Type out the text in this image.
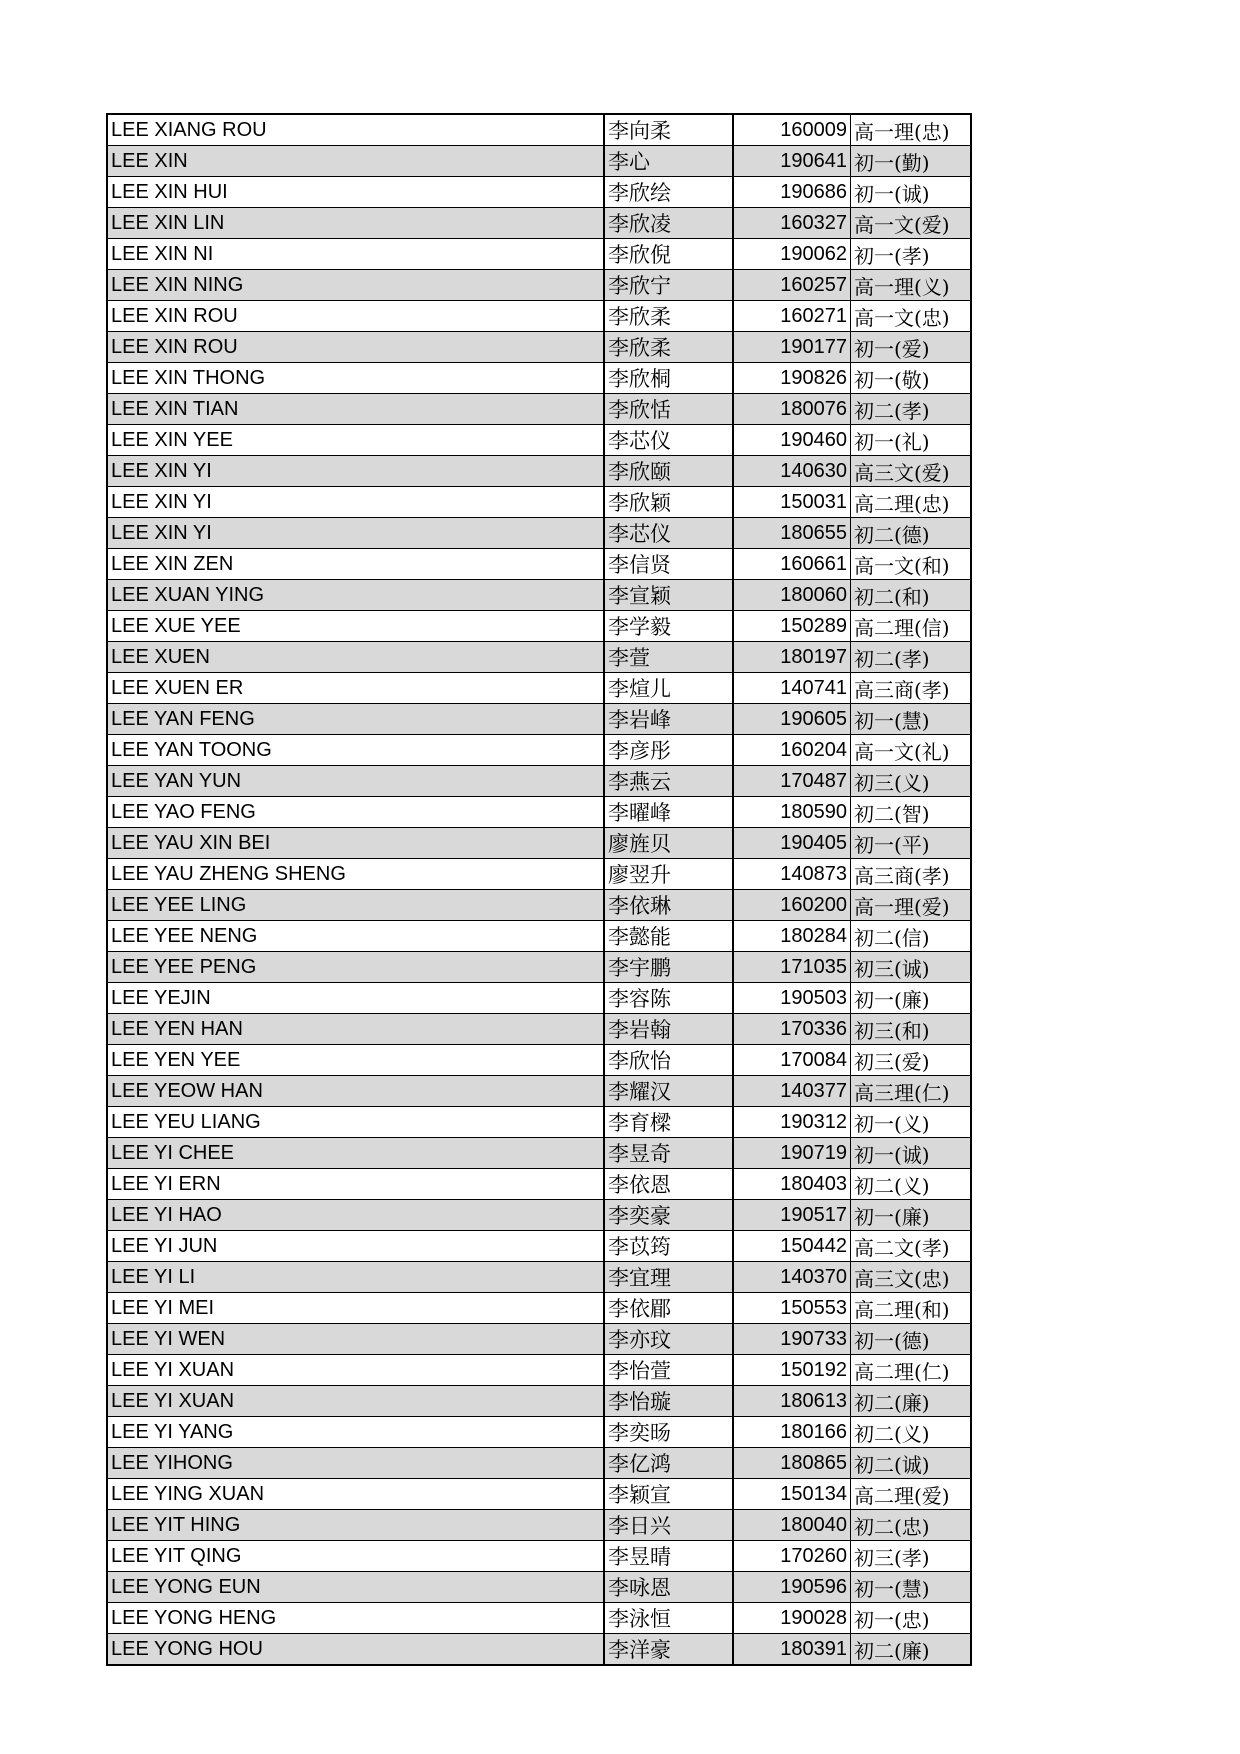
LEE XIANG ROU	李向柔	160009	高一理(忠)
LEE XIN	李心	190641	初一(勤)
LEE XIN HUI	李欣绘	190686	初一(诚)
LEE XIN LIN	李欣凌	160327	高一文(爱)
LEE XIN NI	李欣倪	190062	初一(孝)
LEE XIN NING	李欣宁	160257	高一理(义)
LEE XIN ROU	李欣柔	160271	高一文(忠)
LEE XIN ROU	李欣柔	190177	初一(爱)
LEE XIN THONG	李欣桐	190826	初一(敬)
LEE XIN TIAN	李欣恬	180076	初二(孝)
LEE XIN YEE	李芯仪	190460	初一(礼)
LEE XIN YI	李欣颐	140630	高三文(爱)
LEE XIN YI	李欣颖	150031	高二理(忠)
LEE XIN YI	李芯仪	180655	初二(德)
LEE XIN ZEN	李信贤	160661	高一文(和)
LEE XUAN YING	李宣颖	180060	初二(和)
LEE XUE YEE	李学毅	150289	高二理(信)
LEE XUEN	李萱	180197	初二(孝)
LEE XUEN ER	李煊儿	140741	高三商(孝)
LEE YAN FENG	李岩峰	190605	初一(慧)
LEE YAN TOONG	李彦彤	160204	高一文(礼)
LEE YAN YUN	李燕云	170487	初三(义)
LEE YAO FENG	李曜峰	180590	初二(智)
LEE YAU XIN BEI	廖旌贝	190405	初一(平)
LEE YAU ZHENG SHENG	廖翌升	140873	高三商(孝)
LEE YEE LING	李依琳	160200	高一理(爱)
LEE YEE NENG	李懿能	180284	初二(信)
LEE YEE PENG	李宇鹏	171035	初三(诚)
LEE YEJIN	李容陈	190503	初一(廉)
LEE YEN HAN	李岩翰	170336	初三(和)
LEE YEN YEE	李欣怡	170084	初三(爱)
LEE YEOW HAN	李耀汉	140377	高三理(仁)
LEE YEU LIANG	李育樑	190312	初一(义)
LEE YI CHEE	李昱奇	190719	初一(诚)
LEE YI ERN	李依恩	180403	初二(义)
LEE YI HAO	李奕豪	190517	初一(廉)
LEE YI JUN	李苡筠	150442	高二文(孝)
LEE YI LI	李宜理	140370	高三文(忠)
LEE YI MEI	李依郿	150553	高二理(和)
LEE YI WEN	李亦玟	190733	初一(德)
LEE YI XUAN	李怡萱	150192	高二理(仁)
LEE YI XUAN	李怡璇	180613	初二(廉)
LEE YI YANG	李奕旸	180166	初二(义)
LEE YIHONG	李亿鸿	180865	初二(诚)
LEE YING XUAN	李颖宣	150134	高二理(爱)
LEE YIT HING	李日兴	180040	初二(忠)
LEE YIT QING	李昱晴	170260	初三(孝)
LEE YONG EUN	李咏恩	190596	初一(慧)
LEE YONG HENG	李泳恒	190028	初一(忠)
LEE YONG HOU	李洋豪	180391	初二(廉)
